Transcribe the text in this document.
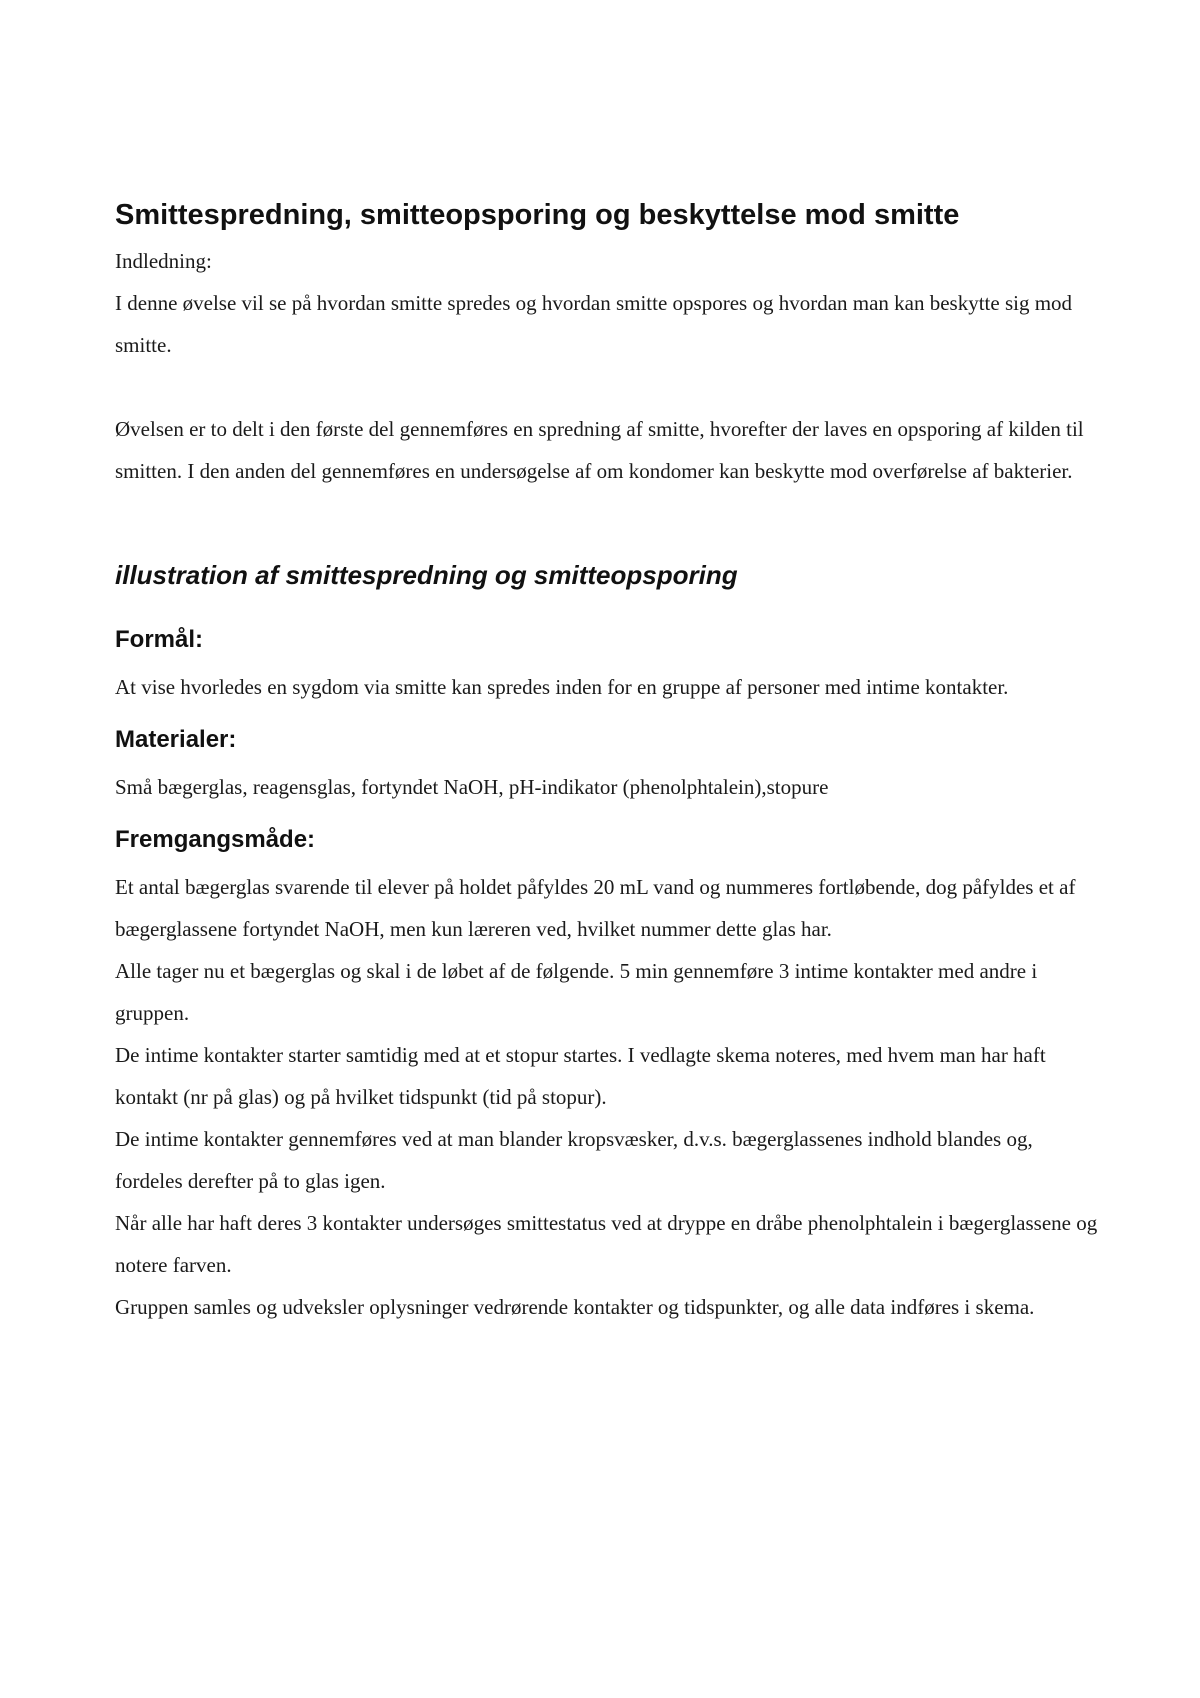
Smittespredning, smitteopsporing og beskyttelse mod smitte

Indledning:

I denne øvelse vil se på hvordan smitte spredes og hvordan smitte opspores og hvordan man kan beskytte sig mod smitte.

Øvelsen er to delt i den første del gennemføres en spredning af smitte, hvorefter der laves en opsporing af kilden til smitten. I den anden del gennemføres en undersøgelse af om kondomer kan beskytte mod overførelse af bakterier.

illustration af smittespredning og smitteopsporing
Formål:

At vise hvorledes en sygdom via smitte kan spredes inden for en gruppe af personer med intime kontakter.

Materialer:

Små bægerglas, reagensglas, fortyndet NaOH, pH-indikator (phenolphtalein),stopure

Fremgangsmåde:

Et antal bægerglas svarende til elever på holdet påfyldes 20 mL vand og nummeres fortløbende, dog påfyldes et af bægerglassene fortyndet NaOH, men kun læreren ved, hvilket nummer dette glas har.

Alle tager nu et bægerglas og skal i de løbet af de følgende. 5 min gennemføre 3 intime kontakter med andre i gruppen.

De intime kontakter starter samtidig med at et stopur startes. I vedlagte skema noteres, med hvem man har haft kontakt (nr på glas) og på hvilket tidspunkt (tid på stopur).

De intime kontakter gennemføres ved at man blander kropsvæsker, d.v.s. bægerglassenes indhold blandes og, fordeles derefter på to glas igen.

Når alle har haft deres 3 kontakter undersøges smittestatus ved at dryppe en dråbe phenolphtalein i bægerglassene og notere farven.

Gruppen samles og udveksler oplysninger vedrørende kontakter og tidspunkter, og alle data indføres i skema.
